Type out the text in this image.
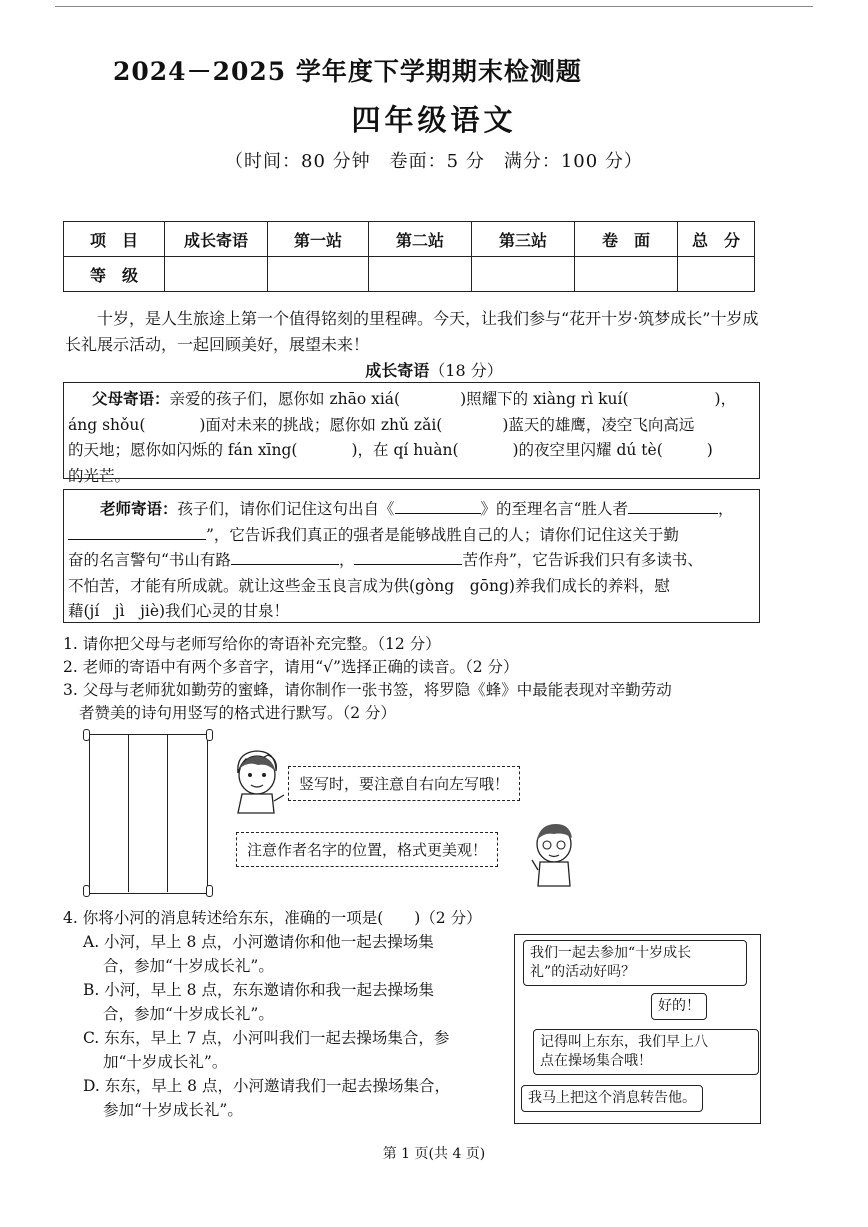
2024－2025 学年度下学期期末检测题
四年级语文
（时间：80 分钟　卷面：5 分　满分：100 分）
项　目	成长寄语	第一站	第二站	第三站	卷　面	总　分
等　级						
十岁，是人生旅途上第一个值得铭刻的里程碑。今天，让我们参与“花开十岁·筑梦成长”十岁成长礼展示活动，一起回顾美好，展望未来！
成长寄语（18 分）
父母寄语：亲爱的孩子们，愿你如 zhāo xiá(	)照耀下的 xiàng rì kuí(	)，
áng shǒu(	)面对未来的挑战；愿你如 zhǔ zǎi(	)蓝天的雄鹰，凌空飞向高远
的天地；愿你如闪烁的 fán xīng(	)，在 qí huàn(	)的夜空里闪耀 dú tè(	)
的光芒。
老师寄语：孩子们，请你们记住这句出自《	》的至理名言“胜人者	，
”，它告诉我们真正的强者是能够战胜自己的人；请你们记住这关于勤
奋的名言警句“书山有路	，	苦作舟”，它告诉我们只有多读书、
不怕苦，才能有所成就。就让这些金玉良言成为供(gòng　gōng)养我们成长的养料，慰
藉(jí　jì　jiè)我们心灵的甘泉！

1. 请你把父母与老师写给你的寄语补充完整。（12 分）

2. 老师的寄语中有两个多音字，请用“√”选择正确的读音。（2 分）

3. 父母与老师犹如勤劳的蜜蜂，请你制作一张书签，将罗隐《蜂》中最能表现对辛勤劳动

者赞美的诗句用竖写的格式进行默写。（2 分）

竖写时，要注意自右向左写哦！
注意作者名字的位置，格式更美观！

4. 你将小河的消息转述给东东，准确的一项是(　　)（2 分）

A. 小河，早上 8 点，小河邀请你和他一起去操场集

合，参加“十岁成长礼”。

B. 小河，早上 8 点，东东邀请你和我一起去操场集

合，参加“十岁成长礼”。

C. 东东，早上 7 点，小河叫我们一起去操场集合，参

加“十岁成长礼”。

D. 东东，早上 8 点，小河邀请我们一起去操场集合，

参加“十岁成长礼”。

我们一起去参加“十岁成长
礼”的活动好吗？
好的！
记得叫上东东，我们早上八
点在操场集合哦！
我马上把这个消息转告他。
第 1 页(共 4 页)
